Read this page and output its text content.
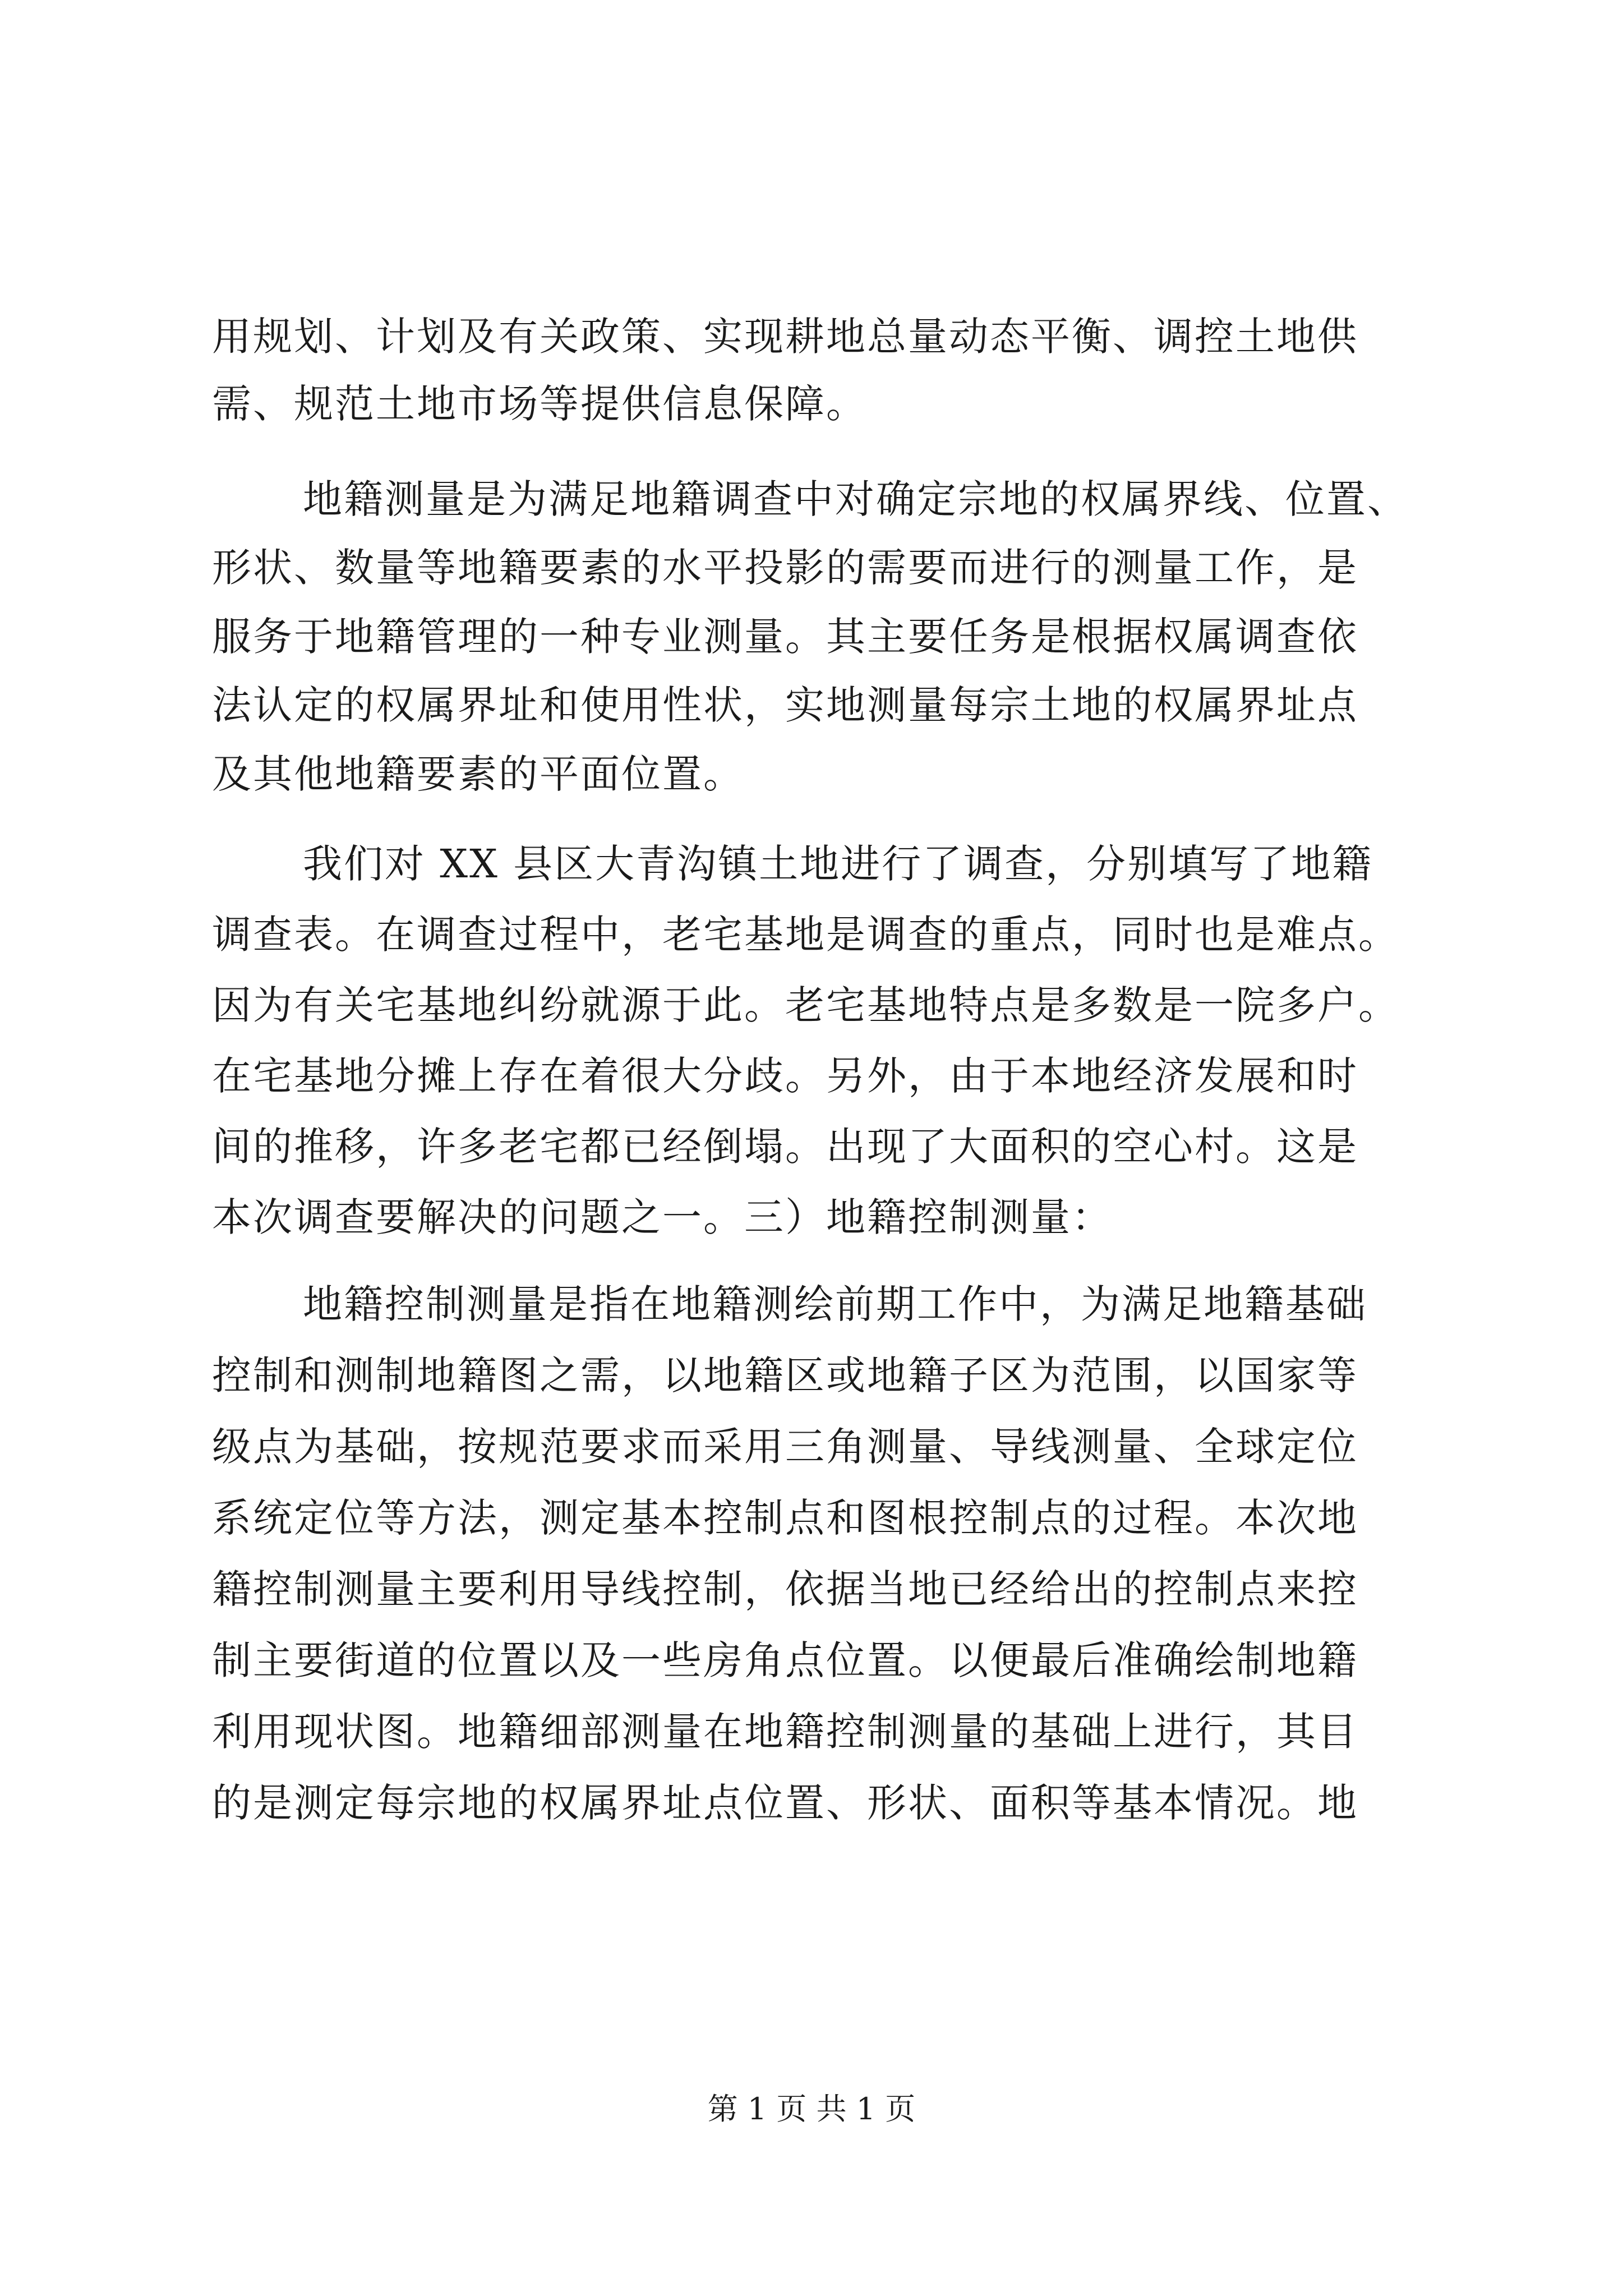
用规划、计划及有关政策、实现耕地总量动态平衡、调控土地供
需、规范土地市场等提供信息保障。
地籍测量是为满足地籍调查中对确定宗地的权属界线、位置、
形状、数量等地籍要素的水平投影的需要而进行的测量工作，是
服务于地籍管理的一种专业测量。其主要任务是根据权属调查依
法认定的权属界址和使用性状，实地测量每宗土地的权属界址点
及其他地籍要素的平面位置。
我们对 XX 县区大青沟镇土地进行了调查，分别填写了地籍
调查表。在调查过程中，老宅基地是调查的重点，同时也是难点。
因为有关宅基地纠纷就源于此。老宅基地特点是多数是一院多户。
在宅基地分摊上存在着很大分歧。另外，由于本地经济发展和时
间的推移，许多老宅都已经倒塌。出现了大面积的空心村。这是
本次调查要解决的问题之一。三）地籍控制测量：
地籍控制测量是指在地籍测绘前期工作中，为满足地籍基础
控制和测制地籍图之需，以地籍区或地籍子区为范围，以国家等
级点为基础，按规范要求而采用三角测量、导线测量、全球定位
系统定位等方法，测定基本控制点和图根控制点的过程。本次地
籍控制测量主要利用导线控制，依据当地已经给出的控制点来控
制主要街道的位置以及一些房角点位置。以便最后准确绘制地籍
利用现状图。地籍细部测量在地籍控制测量的基础上进行，其目
的是测定每宗地的权属界址点位置、形状、面积等基本情况。地
第 1 页 共 1 页
